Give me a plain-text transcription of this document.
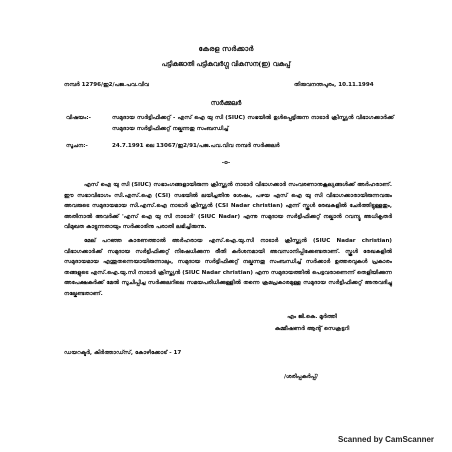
കേരള സർക്കാർ
പട്ടികജാതി പട്ടികവർഗ്ഗ വികസന(ഇ) വകുപ്പ്
നമ്പർ 12796/ഇ2/പജ.പവ.വിവ	തിരുവനന്തപുരം, 10.11.1994
സർക്കുലർ
വിഷയം:-	സമുദായ സർട്ടിഫിക്കറ്റ് - എസ് ഐ യു സി (SIUC) സഭയിൽ ഉൾപ്പെട്ടിരുന്ന നാടാർ ക്രിസ്ത്യൻ വിഭാഗക്കാർക്ക് സമുദായ സർട്ടിഫിക്കറ്റ് നല്കുന്നതു സംബന്ധിച്ച്
സൂചന:-	24.7.1991 ലെ 13067/ഇ2/91/പജ.പവ.വിവ നമ്പർ സർക്കുലർ
-o-
എസ് ഐ യു സി (SIUC) സഭാംഗങ്ങളായിരുന്ന ക്രിസ്ത്യൻ നാടാർ വിഭാഗക്കാർ സംവരണാനുകൂല്യങ്ങൾക്ക് അർഹരാണ്. ഈ സഭാവിഭാഗം സി.എസ്.ഐ (CSI) സഭയിൽ ലയിച്ചതിനു ശേഷം, പഴയ എസ് ഐ യു സി വിഭാഗക്കാരായിരുന്നവരും അവരുടെ സമുദായമായ സി.എസ്.ഐ നാടാർ ക്രിസ്ത്യൻ (CSI Nadar christian) എന്ന് സ്കൂൾ രേഖകളിൽ ചേർത്തിട്ടുള്ളതും, അതിനാൽ അവർക്ക് 'എസ് ഐ യു സി നാടാർ' (SIUC Nadar) എന്നു സമുദായ സർട്ടിഫിക്കറ്റ് നല്കാൻ റവന്യൂ അധികൃതർ വിമുഖത കാട്ടുന്നതായും സർക്കാരിനു പരാതി ലഭിച്ചിരുന്നു.
മേല് പറഞ്ഞ കാരണത്താൽ അർഹരായ എസ്.ഐ.യു.സി നാടാർ ക്രിസ്ത്യൻ (SIUC Nadar christian) വിഭാഗക്കാർക്ക് സമുദായ സർട്ടിഫിക്കറ്റ് നിഷേധിക്കുന്ന രീതി കർശനമായി അവസാനിപ്പിക്കേണ്ടതാണ്. സ്കൂൾ രേഖകളിൽ സമുദായമായ എന്തുതന്നെയായിരുന്നാലും, സമുദായ സർട്ടിഫിക്കറ്റ് നല്കുന്നതു സംബന്ധിച്ച് സർക്കാർ ഉത്തരവുകൾ പ്രകാരം തങ്ങളുടെ എസ്.ഐ.യു.സി നാടാർ ക്രിസ്ത്യൻ (SIUC Nadar christian) എന്ന സമുദായത്തിൽ പെട്ടവരാണെന്ന് തെളിയിക്കുന്ന അപേക്ഷകർക്ക് മേൽ സൂചിപ്പിച്ച സർക്കുലറിലെ സമയപരിധിക്കുള്ളിൽ തന്നെ ക്രമപ്രകാരമുള്ള സമുദായ സർട്ടിഫിക്കറ്റ് അനുവദിച്ചു നല്കേണ്ടതാണ്.
എം ജി.കെ. മൂർത്തി
കമ്മീഷണർ ആന്റ് സെക്രട്ടറി
ഡയറക്ടർ, കിർത്താഡ്സ്, കോഴിക്കോട് - 17
/ശരിപ്പകർപ്പ്/
Scanned by CamScanner
